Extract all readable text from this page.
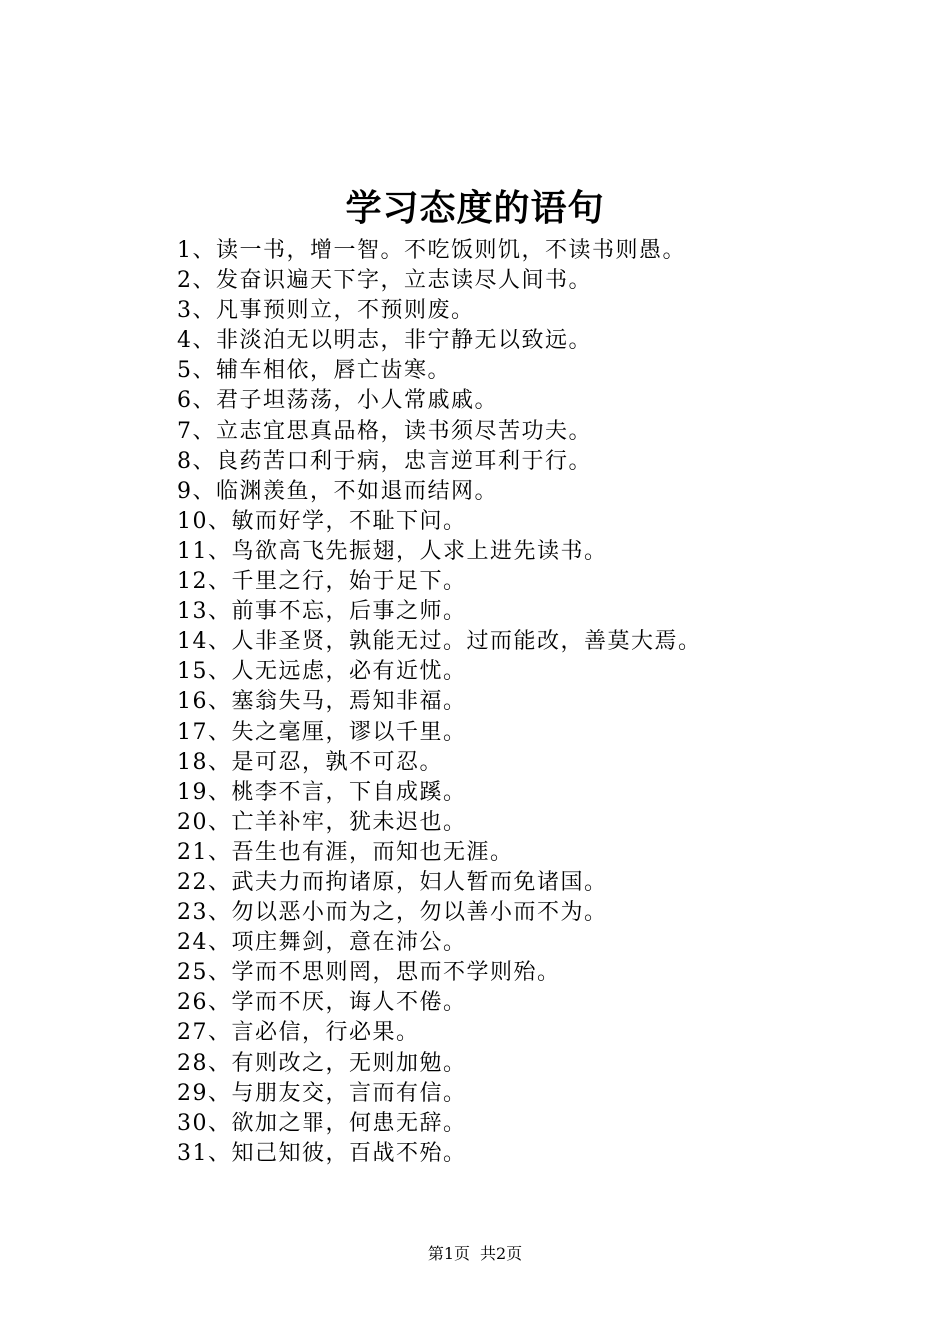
学习态度的语句
1、读一书，增一智。不吃饭则饥，不读书则愚。
2、发奋识遍天下字，立志读尽人间书。
3、凡事预则立，不预则废。
4、非淡泊无以明志，非宁静无以致远。
5、辅车相依，唇亡齿寒。
6、君子坦荡荡，小人常戚戚。
7、立志宜思真品格，读书须尽苦功夫。
8、良药苦口利于病，忠言逆耳利于行。
9、临渊羡鱼，不如退而结网。
10、敏而好学，不耻下问。
11、鸟欲高飞先振翅，人求上进先读书。
12、千里之行，始于足下。
13、前事不忘，后事之师。
14、人非圣贤，孰能无过。过而能改，善莫大焉。
15、人无远虑，必有近忧。
16、塞翁失马，焉知非福。
17、失之毫厘，谬以千里。
18、是可忍，孰不可忍。
19、桃李不言，下自成蹊。
20、亡羊补牢，犹未迟也。
21、吾生也有涯，而知也无涯。
22、武夫力而拘诸原，妇人暂而免诸国。
23、勿以恶小而为之，勿以善小而不为。
24、项庄舞剑，意在沛公。
25、学而不思则罔，思而不学则殆。
26、学而不厌，诲人不倦。
27、言必信，行必果。
28、有则改之，无则加勉。
29、与朋友交，言而有信。
30、欲加之罪，何患无辞。
31、知己知彼，百战不殆。
第1页 共2页
